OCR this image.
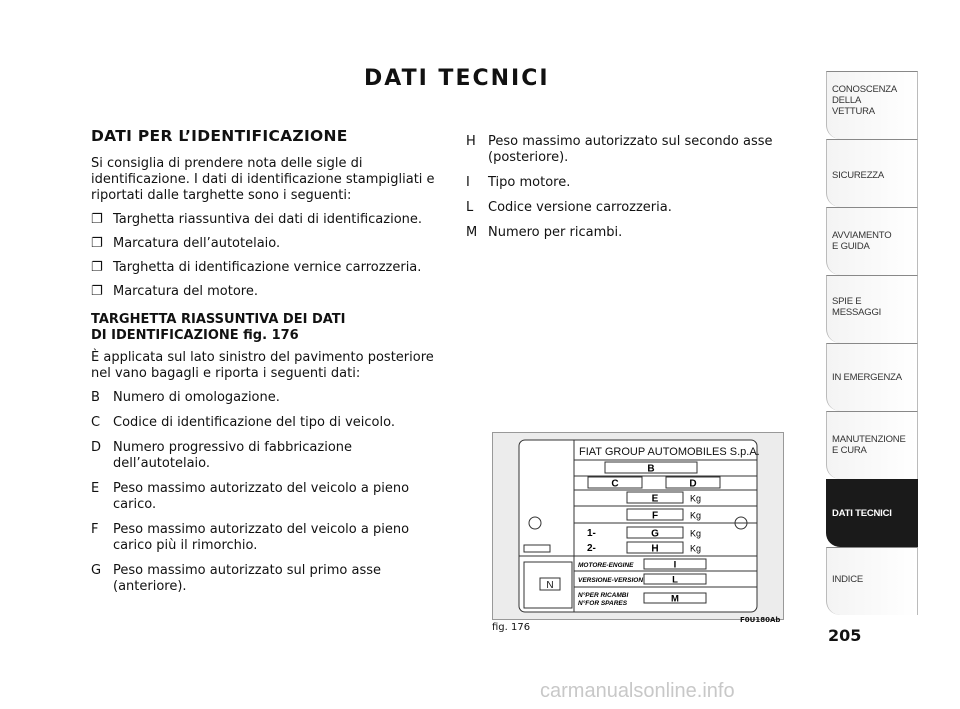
DATI TECNICI
DATI PER L’IDENTIFICAZIONE

Si consiglia di prendere nota delle sigle di identificazione. I dati di identificazione stampigliati e riportati dalle targhette sono i seguenti:

❐ Targhetta riassuntiva dei dati di identificazione.
❐ Marcatura dell’autotelaio.
❐ Targhetta di identificazione vernice carrozzeria.
❐ Marcatura del motore.
TARGHETTA RIASSUNTIVA DEI DATI
DI IDENTIFICAZIONE fig. 176

È applicata sul lato sinistro del pavimento posteriore nel vano bagagli e riporta i seguenti dati:

B Numero di omologazione.
C Codice di identificazione del tipo di veicolo.
D Numero progressivo di fabbricazione dell’autotelaio.
E Peso massimo autorizzato del veicolo a pieno carico.
F Peso massimo autorizzato del veicolo a pieno carico più il rimorchio.
G Peso massimo autorizzato sul primo asse (anteriore).
H Peso massimo autorizzato sul secondo asse (posteriore).
I Tipo motore.
L Codice versione carrozzeria.
M Numero per ricambi.
N
FIAT GROUP AUTOMOBILES S.p.A.
B
C	D
E	Kg
F	Kg
1-	G	Kg
2-	H	Kg
MOTORE-ENGINE	I
VERSIONE-VERSION	L
N°PER RICAMBI
N°FOR SPARES	M
F0U180Ab
fig. 176
CONOSCENZA
DELLA
VETTURA
SICUREZZA
AVVIAMENTO
E GUIDA
SPIE E
MESSAGGI
IN EMERGENZA
MANUTENZIONE
E CURA
DATI TECNICI
INDICE
205
carmanualsonline.info
